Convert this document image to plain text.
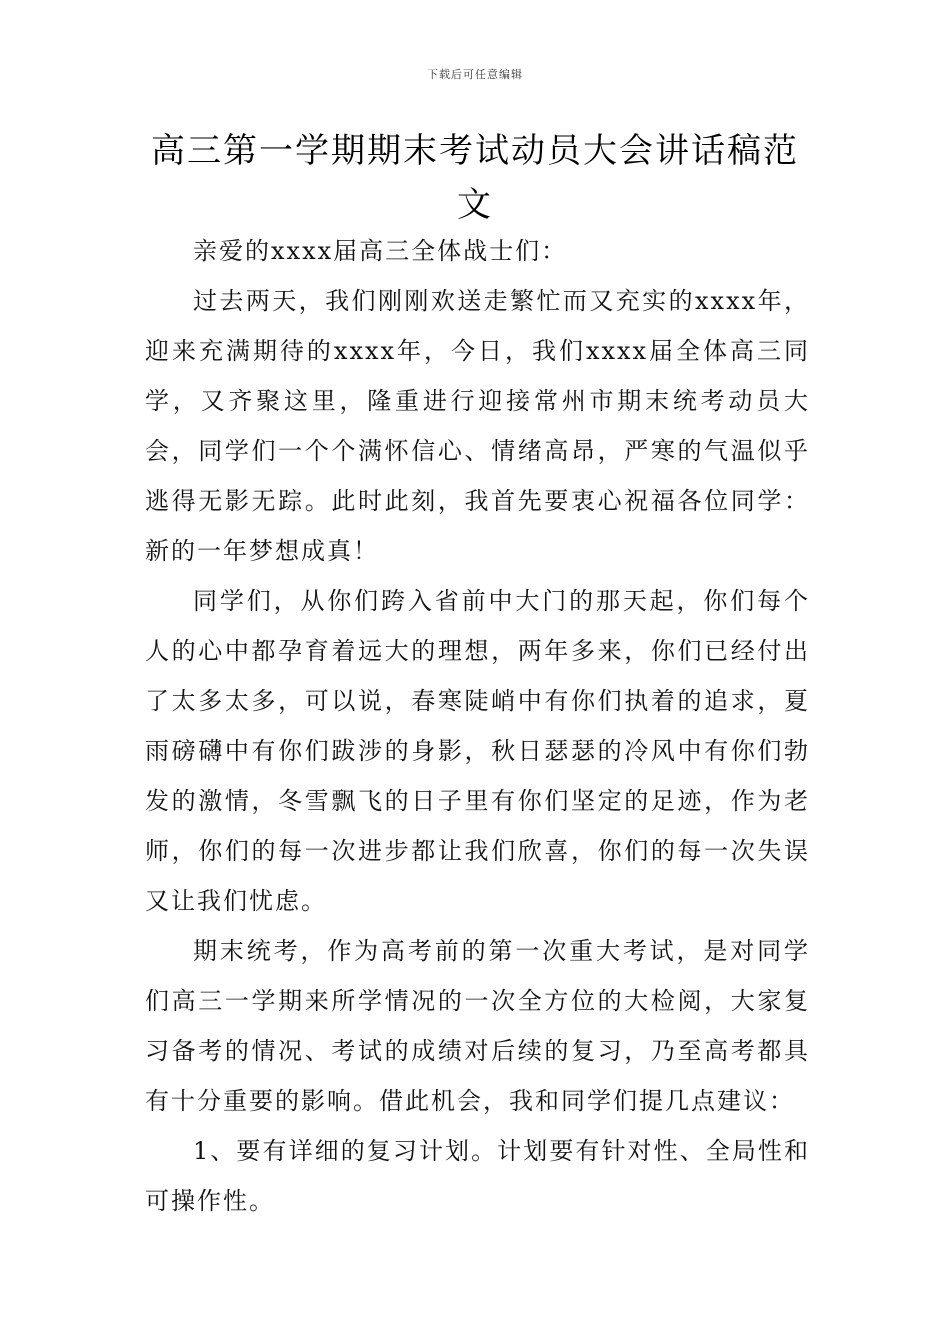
下载后可任意编辑
高三第一学期期末考试动员大会讲话稿范文

亲爱的xxxx届高三全体战士们：

过去两天，我们刚刚欢送走繁忙而又充实的xxxx年，迎来充满期待的xxxx年，今日，我们xxxx届全体高三同学，又齐聚这里，隆重进行迎接常州市期末统考动员大会，同学们一个个满怀信心、情绪高昂，严寒的气温似乎逃得无影无踪。此时此刻，我首先要衷心祝福各位同学：新的一年梦想成真！

同学们，从你们跨入省前中大门的那天起，你们每个人的心中都孕育着远大的理想，两年多来，你们已经付出了太多太多，可以说，春寒陡峭中有你们执着的追求，夏雨磅礴中有你们跋涉的身影，秋日瑟瑟的冷风中有你们勃发的激情，冬雪飘飞的日子里有你们坚定的足迹，作为老师，你们的每一次进步都让我们欣喜，你们的每一次失误又让我们忧虑。

期末统考，作为高考前的第一次重大考试，是对同学们高三一学期来所学情况的一次全方位的大检阅，大家复习备考的情况、考试的成绩对后续的复习，乃至高考都具有十分重要的影响。借此机会，我和同学们提几点建议：

1、要有详细的复习计划。计划要有针对性、全局性和可操作性。
